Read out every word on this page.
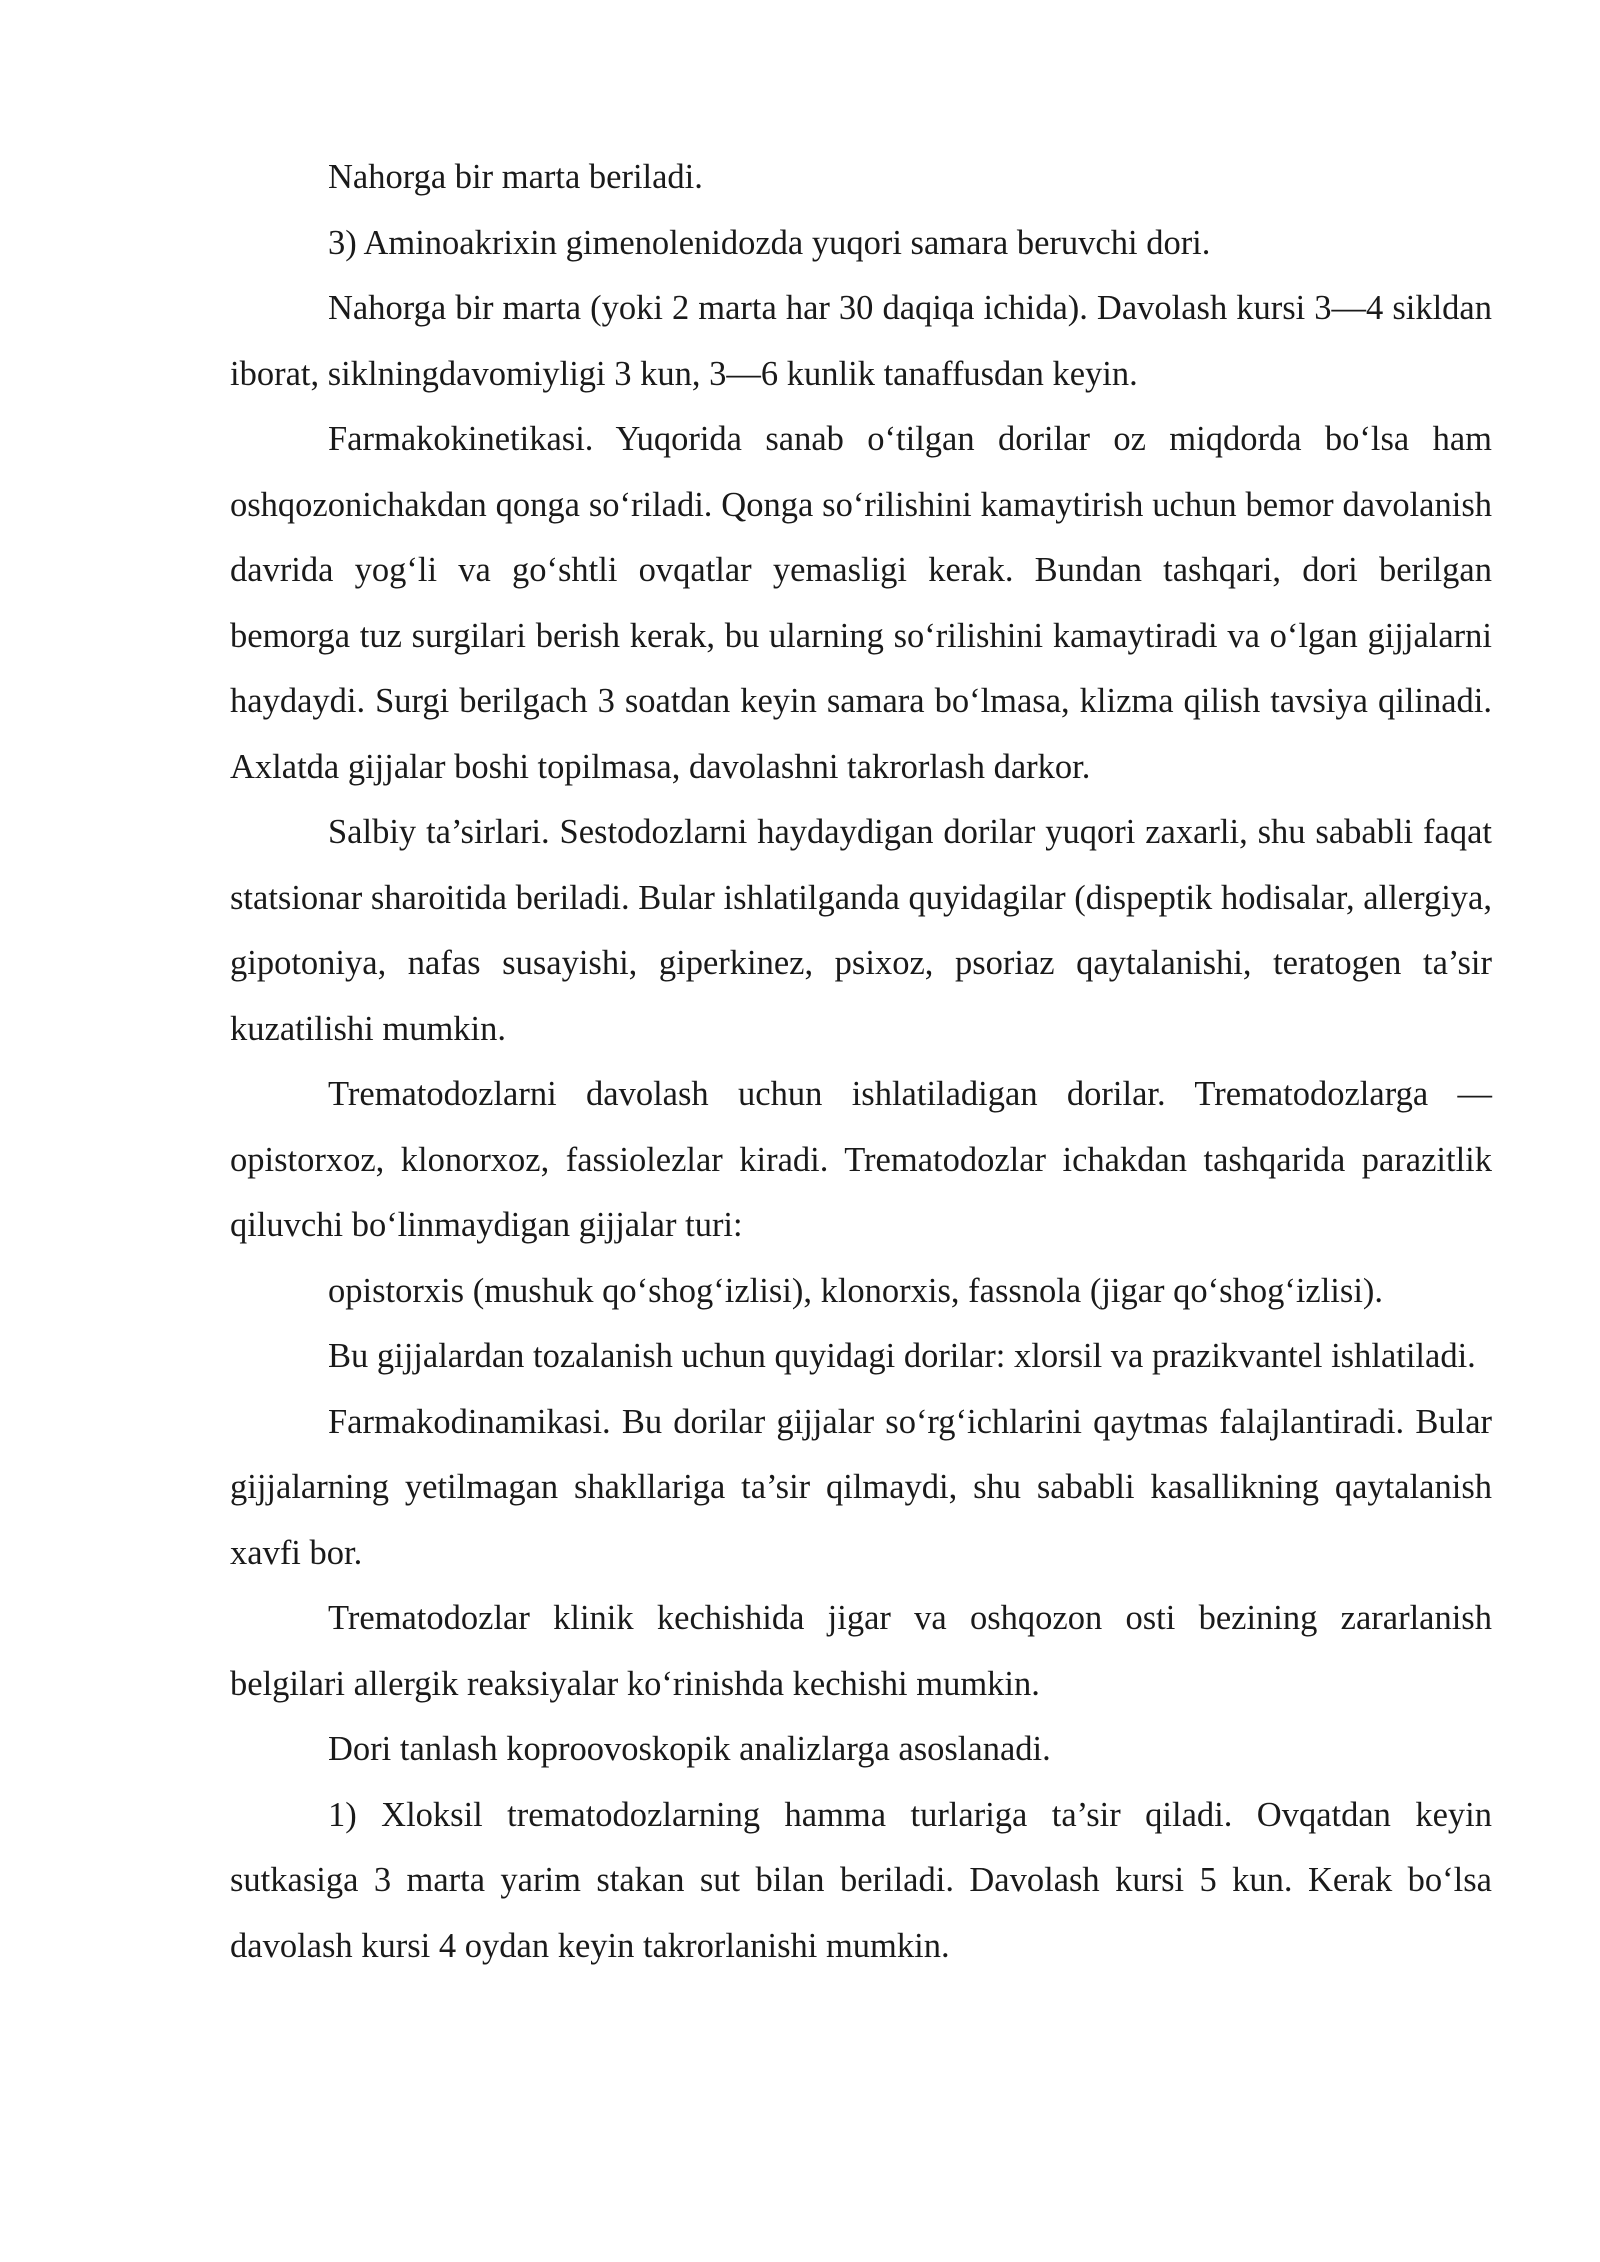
Nahorga bir marta beriladi.

3) Aminoakrixin gimenolenidozda yuqori samara beruvchi dori.

Nahorga bir marta (yoki 2 marta har 30 daqiqa ichida). Davolash kursi 3—4 sikldan iborat, siklningdavomiyligi 3 kun, 3—6 kunlik tanaffusdan keyin.

Farmakokinetikasi. Yuqorida sanab o‘tilgan dorilar oz miqdorda bo‘lsa ham oshqozonichakdan qonga so‘riladi. Qonga so‘rilishini kamaytirish uchun bemor davolanish davrida yog‘li va go‘shtli ovqatlar yemasligi kerak. Bundan tashqari, dori berilgan bemorga tuz surgilari berish kerak, bu ularning so‘rilishini kamaytiradi va o‘lgan gijjalarni haydaydi. Surgi berilgach 3 soatdan keyin samara bo‘lmasa, klizma qilish tavsiya qilinadi. Axlatda gijjalar boshi topilmasa, davolashni takrorlash darkor.

Salbiy ta’sirlari. Sestodozlarni haydaydigan dorilar yuqori zaxarli, shu sababli faqat statsionar sharoitida beriladi. Bular ishlatilganda quyidagilar (dispeptik hodisalar, allergiya, gipotoniya, nafas susayishi, giperkinez, psixoz, psoriaz qaytalanishi, teratogen ta’sir kuzatilishi mumkin.

Trematodozlarni davolash uchun ishlatiladigan dorilar. Trematodozlarga — opistorxoz, klonorxoz, fassiolezlar kiradi. Trematodozlar ichakdan tashqarida parazitlik qiluvchi bo‘linmaydigan gijjalar turi:

opistorxis (mushuk qo‘shog‘izlisi), klonorxis, fassnola (jigar qo‘shog‘izlisi).

Bu gijjalardan tozalanish uchun quyidagi dorilar: xlorsil va prazikvantel ishlatiladi.

Farmakodinamikasi. Bu dorilar gijjalar so‘rg‘ichlarini qaytmas falajlantiradi. Bular gijjalarning yetilmagan shakllariga ta’sir qilmaydi, shu sababli kasallikning qaytalanish xavfi bor.

Trematodozlar klinik kechishida jigar va oshqozon osti bezining zararlanish belgilari allergik reaksiyalar ko‘rinishda kechishi mumkin.

Dori tanlash koproovoskopik analizlarga asoslanadi.

1) Xloksil trematodozlarning hamma turlariga ta’sir qiladi. Ovqatdan keyin sutkasiga 3 marta yarim stakan sut bilan beriladi. Davolash kursi 5 kun. Kerak bo‘lsa davolash kursi 4 oydan keyin takrorlanishi mumkin.
